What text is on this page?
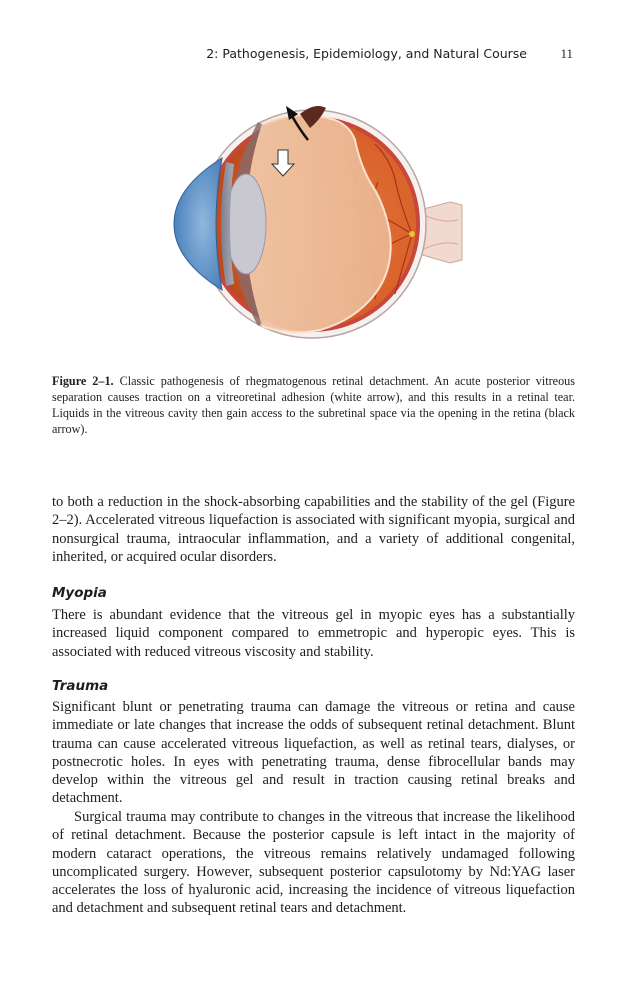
2: Pathogenesis, Epidemiology, and Natural Course	11
Figure 2–1. Classic pathogenesis of rhegmatogenous retinal detachment. An acute posterior vitreous separation causes traction on a vitreoretinal adhesion (white arrow), and this results in a retinal tear. Liquids in the vitreous cavity then gain access to the subretinal space via the opening in the retina (black arrow).

to both a reduction in the shock-absorbing capabilities and the stability of the gel (Figure 2–2). Accelerated vitreous liquefaction is associated with significant myopia, surgical and nonsurgical trauma, intraocular inflammation, and a variety of additional congenital, inherited, or acquired ocular disorders.

Myopia

There is abundant evidence that the vitreous gel in myopic eyes has a substantially increased liquid component compared to emmetropic and hyperopic eyes. This is associated with reduced vitreous viscosity and stability.

Trauma

Significant blunt or penetrating trauma can damage the vitreous or retina and cause immediate or late changes that increase the odds of subsequent retinal detachment. Blunt trauma can cause accelerated vitreous liquefaction, as well as retinal tears, dialyses, or postnecrotic holes. In eyes with penetrating trauma, dense fibrocellular bands may develop within the vitreous gel and result in traction causing retinal breaks and detachment.

Surgical trauma may contribute to changes in the vitreous that increase the likelihood of retinal detachment. Because the posterior capsule is left intact in the majority of modern cataract operations, the vitreous remains relatively undamaged following uncomplicated surgery. However, subsequent posterior capsulotomy by Nd:YAG laser accelerates the loss of hyaluronic acid, increasing the incidence of vitreous liquefaction and detachment and subsequent retinal tears and detachment.
